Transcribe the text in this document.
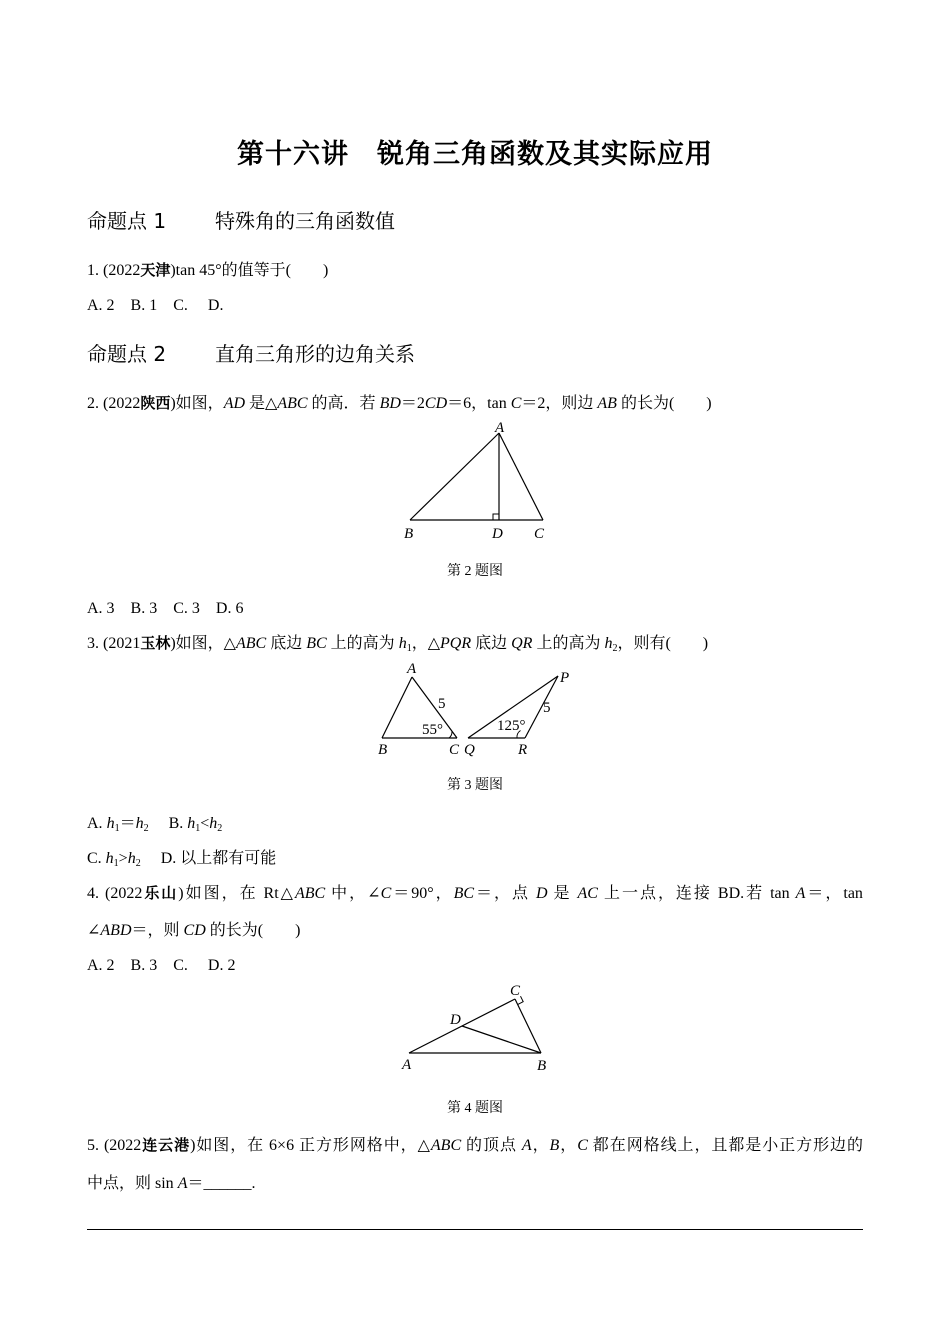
第十六讲　锐角三角函数及其实际应用
命题点 1 特殊角的三角函数值
1. (2022天津)tan 45°的值等于(　　)
A. 2　B. 1　C. 　D.
命题点 2 直角三角形的边角关系
2. (2022陕西)如图，AD 是△ABC 的高．若 BD＝2CD＝6，tan C＝2，则边 AB 的长为(　　)
A
B	D C
第 2 题图
A. 3　B. 3　C. 3　D. 6
3. (2021玉林)如图，△ABC 底边 BC 上的高为 $h_1$，△PQR 底边 QR 上的高为 $h_2$，则有(　　)
A
B	C
5
55°
P
Q	R
5
125°
第 3 题图
A. $h_1=h_2$　 B. $h_1<h_2$
C. $h_1>h_2$　 D. 以上都有可能
4. (2022乐山)如图，在 Rt△ABC 中，∠C＝90°，BC＝，点 D 是 AC 上一点，连接 BD.若 tan A＝，tan
∠ABD＝，则 CD 的长为(　　)
A. 2　B. 3　C. 　D. 2
C
D
A	B
第 4 题图
5. (2022连云港)如图，在 6×6 正方形网格中，△ABC 的顶点 A，B，C 都在网格线上，且都是小正方形边的
中点，则 sin A＝______.
